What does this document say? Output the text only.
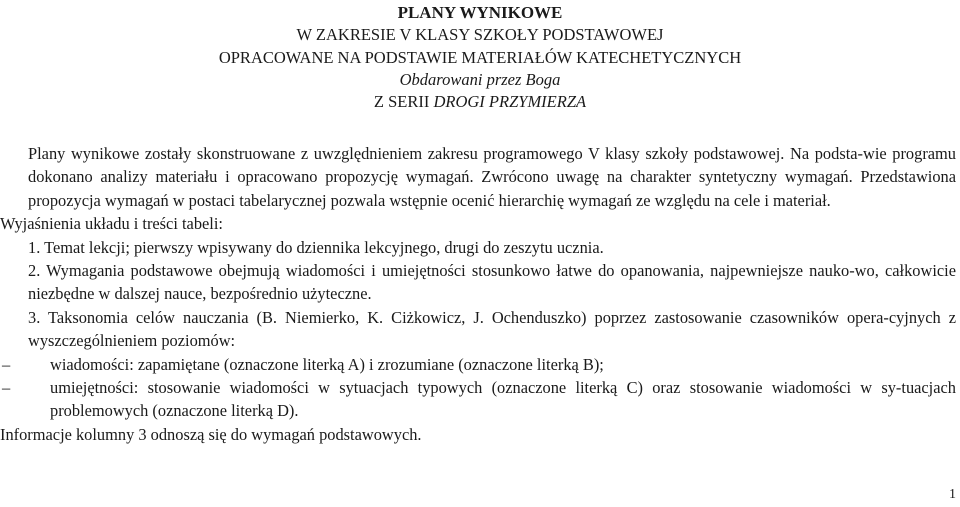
PLANY WYNIKOWE
W ZAKRESIE V KLASY SZKOŁY PODSTAWOWEJ
OPRACOWANE NA PODSTAWIE MATERIAŁÓW KATECHETYCZNYCH
Obdarowani przez Boga
Z SERII DROGI PRZYMIERZA
Plany wynikowe zostały skonstruowane z uwzględnieniem zakresu programowego V klasy szkoły podstawowej. Na podsta-wie programu dokonano analizy materiału i opracowano propozycję wymagań. Zwrócono uwagę na charakter syntetyczny wymagań. Przedstawiona propozycja wymagań w postaci tabelarycznej pozwala wstępnie ocenić hierarchię wymagań ze względu na cele i materiał.
Wyjaśnienia układu i treści tabeli:
1. Temat lekcji; pierwszy wpisywany do dziennika lekcyjnego, drugi do zeszytu ucznia.
2. Wymagania podstawowe obejmują wiadomości i umiejętności stosunkowo łatwe do opanowania, najpewniejsze nauko-wo, całkowicie niezbędne w dalszej nauce, bezpośrednio użyteczne.
3. Taksonomia celów nauczania (B. Niemierko, K. Ciżkowicz, J. Ochenduszko) poprzez zastosowanie czasowników opera-cyjnych z wyszczególnieniem poziomów:
– wiadomości: zapamiętane (oznaczone literką A) i zrozumiane (oznaczone literką B);
– umiejętności: stosowanie wiadomości w sytuacjach typowych (oznaczone literką C) oraz stosowanie wiadomości w sy-tuacjach problemowych (oznaczone literką D).
Informacje kolumny 3 odnoszą się do wymagań podstawowych.
1
